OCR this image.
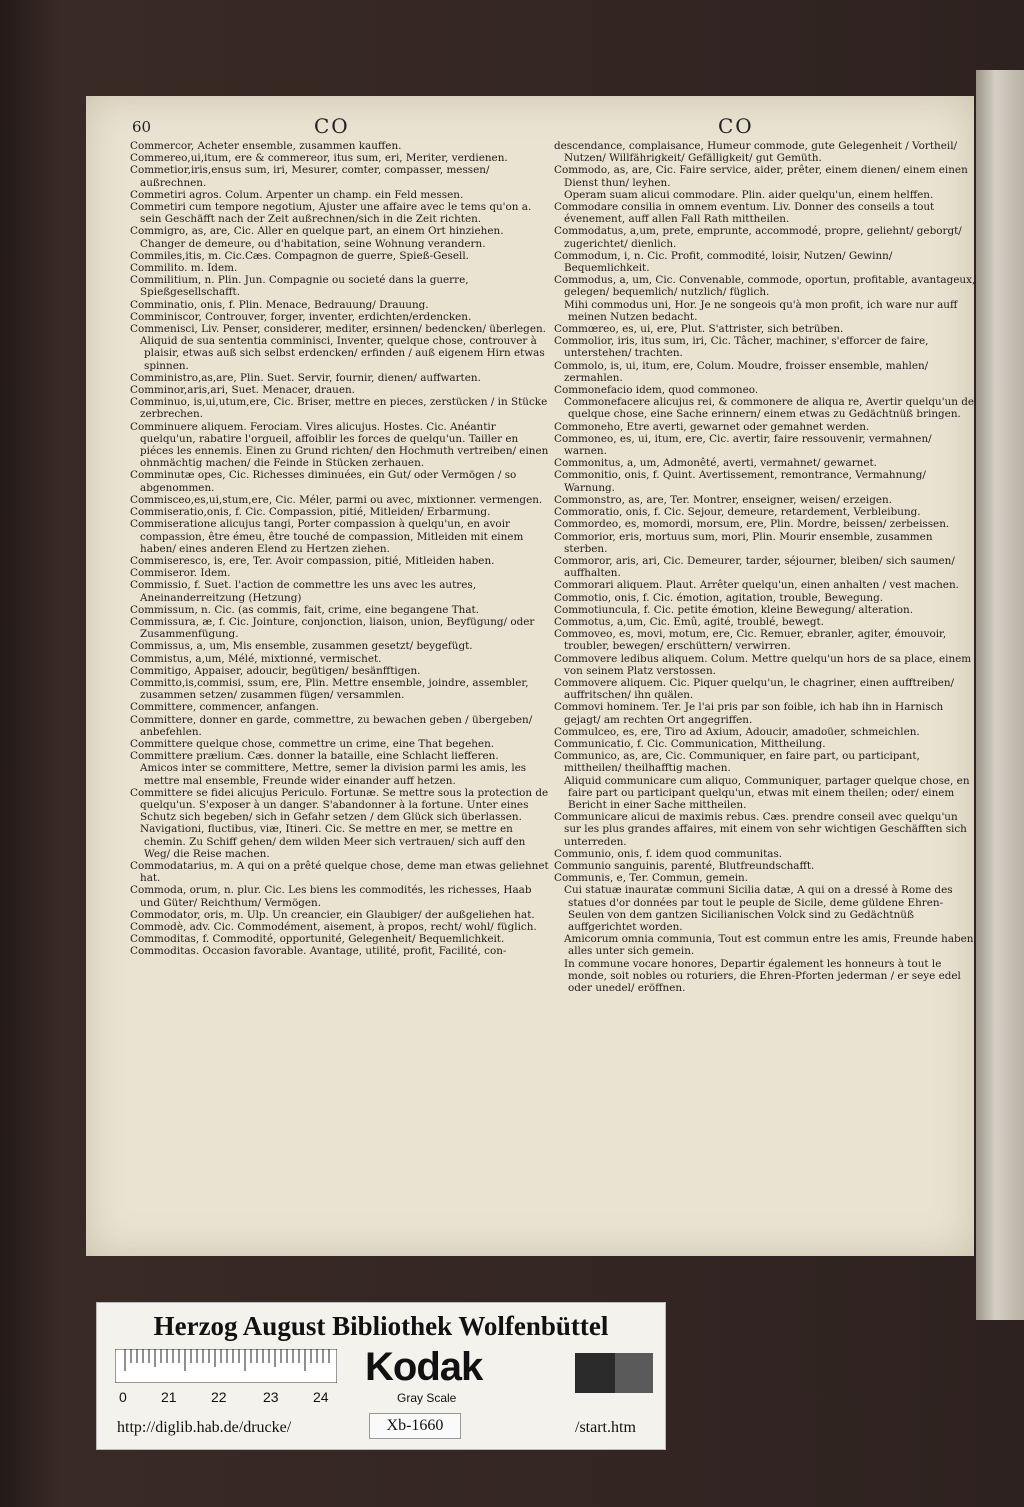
60	CO	CO

Commercor, Acheter ensemble, zusammen kauffen.

Commereo,ui,itum, ere & commereor, itus sum, eri, Meriter, verdienen.

Commetior,iris,ensus sum, iri, Mesurer, comter, compasser, messen/ außrechnen.

Commetiri agros. Colum. Arpenter un champ. ein Feld messen.

Commetiri cum tempore negotium, Ajuster une affaire avec le tems qu'on a. sein Geschäfft nach der Zeit außrechnen/sich in die Zeit richten.

Commigro, as, are, Cic. Aller en quelque part, an einem Ort hinziehen. Changer de demeure, ou d'habitation, seine Wohnung verandern.

Commiles,itis, m. Cic.Cæs. Compagnon de guerre, Spieß-Gesell.

Commilito. m. Idem.

Commilitium, n. Plin. Jun. Compagnie ou societé dans la guerre, Spießgesellschafft.

Comminatio, onis, f. Plin. Menace, Bedrauung/ Drauung.

Comminiscor, Controuver, forger, inventer, erdichten/erdencken.

Commenisci, Liv. Penser, considerer, mediter, ersinnen/ bedencken/ überlegen.

Aliquid de sua sententia comminisci, Inventer, quelque chose, controuver à plaisir, etwas auß sich selbst erdencken/ erfinden / auß eigenem Hirn etwas spinnen.

Comministro,as,are, Plin. Suet. Servir, fournir, dienen/ auffwarten.

Comminor,aris,ari, Suet. Menacer, drauen.

Comminuo, is,ui,utum,ere, Cic. Briser, mettre en pieces, zerstücken / in Stücke zerbrechen.

Comminuere aliquem. Ferociam. Vires alicujus. Hostes. Cic. Anéantir quelqu'un, rabatire l'orgueil, affoiblir les forces de quelqu'un. Tailler en piéces les ennemis. Einen zu Grund richten/ den Hochmuth vertreiben/ einen ohnmächtig machen/ die Feinde in Stücken zerhauen.

Comminutæ opes, Cic. Richesses diminuées, ein Gut/ oder Vermögen / so abgenommen.

Commisceo,es,ui,stum,ere, Cic. Méler, parmi ou avec, mixtionner. vermengen.

Commiseratio,onis, f. Cic. Compassion, pitié, Mitleiden/ Erbarmung.

Commiseratione alicujus tangi, Porter compassion à quelqu'un, en avoir compassion, être émeu, être touché de compassion, Mitleiden mit einem haben/ eines anderen Elend zu Hertzen ziehen.

Commiseresco, is, ere, Ter. Avoir compassion, pitié, Mitleiden haben.

Commiseror. Idem.

Commissio, f. Suet. l'action de commettre les uns avec les autres, Aneinanderreitzung (Hetzung)

Commissum, n. Cic. (as commis, fait, crime, eine begangene That.

Commissura, æ, f. Cic. Jointure, conjonction, liaison, union, Beyfügung/ oder Zusammenfügung.

Commissus, a, um, Mis ensemble, zusammen gesetzt/ beygefügt.

Commistus, a,um, Mélé, mixtionné, vermischet.

Commitigo, Appaiser, adoucir, begütigen/ besänfftigen.

Committo,is,commisi, ssum, ere, Plin. Mettre ensemble, joindre, assembler, zusammen setzen/ zusammen fügen/ versammlen.

Committere, commencer, anfangen.

Committere, donner en garde, commettre, zu bewachen geben / übergeben/ anbefehlen.

Committere quelque chose, commettre un crime, eine That begehen.

Committere prælium. Cæs. donner la bataille, eine Schlacht liefferen.

Amicos inter se committere, Mettre, semer la division parmi les amis, les mettre mal ensemble, Freunde wider einander auff hetzen.

Committere se fidei alicujus Periculo. Fortunæ. Se mettre sous la protection de quelqu'un. S'exposer à un danger. S'abandonner à la fortune. Unter eines Schutz sich begeben/ sich in Gefahr setzen / dem Glück sich überlassen.

Navigationi, fluctibus, viæ, Itineri. Cic. Se mettre en mer, se mettre en chemin. Zu Schiff gehen/ dem wilden Meer sich vertrauen/ sich auff den Weg/ die Reise machen.

Commodatarius, m. A qui on a prêté quelque chose, deme man etwas geliehnet hat.

Commoda, orum, n. plur. Cic. Les biens les commodités, les richesses, Haab und Güter/ Reichthum/ Vermögen.

Commodator, oris, m. Ulp. Un creancier, ein Glaubiger/ der außgeliehen hat.

Commodè, adv. Cic. Commodément, aisement, à propos, recht/ wohl/ füglich.

Commoditas, f. Commodité, opportunité, Gelegenheit/ Bequemlichkeit.

Commoditas. Occasion favorable. Avantage, utilité, profit, Facilité, con-

descendance, complaisance, Humeur commode, gute Gelegenheit / Vortheil/ Nutzen/ Willfährigkeit/ Gefälligkeit/ gut Gemüth.

Commodo, as, are, Cic. Faire service, aider, prêter, einem dienen/ einem einen Dienst thun/ leyhen.

Operam suam alicui commodare. Plin. aider quelqu'un, einem helffen.

Commodare consilia in omnem eventum. Liv. Donner des conseils a tout évenement, auff allen Fall Rath mittheilen.

Commodatus, a,um, prete, emprunte, accommodé, propre, geliehnt/ geborgt/ zugerichtet/ dienlich.

Commodum, i, n. Cic. Profit, commodité, loisir, Nutzen/ Gewinn/ Bequemlichkeit.

Commodus, a, um, Cic. Convenable, commode, oportun, profitable, avantageux, gelegen/ bequemlich/ nutzlich/ füglich.

Mihi commodus uni, Hor. Je ne songeois qu'à mon profit, ich ware nur auff meinen Nutzen bedacht.

Commœreo, es, ui, ere, Plut. S'attrister, sich betrüben.

Commolior, iris, itus sum, iri, Cic. Tâcher, machiner, s'efforcer de faire, unterstehen/ trachten.

Commolo, is, ui, itum, ere, Colum. Moudre, froisser ensemble, mahlen/ zermahlen.

Commonefacio idem, quod commoneo.

Commonefacere alicujus rei, & commonere de aliqua re, Avertir quelqu'un de quelque chose, eine Sache erinnern/ einem etwas zu Gedächtnüß bringen.

Commoneho, Etre averti, gewarnet oder gemahnet werden.

Commoneo, es, ui, itum, ere, Cic. avertir, faire ressouvenir, vermahnen/ warnen.

Commonitus, a, um, Admonêté, averti, vermahnet/ gewarnet.

Commonitio, onis, f. Quint. Avertissement, remontrance, Vermahnung/ Warnung.

Commonstro, as, are, Ter. Montrer, enseigner, weisen/ erzeigen.

Commoratio, onis, f. Cic. Sejour, demeure, retardement, Verbleibung.

Commordeo, es, momordi, morsum, ere, Plin. Mordre, beissen/ zerbeissen.

Commorior, eris, mortuus sum, mori, Plin. Mourir ensemble, zusammen sterben.

Commoror, aris, ari, Cic. Demeurer, tarder, séjourner, bleiben/ sich saumen/ auffhalten.

Commorari aliquem. Plaut. Arrêter quelqu'un, einen anhalten / vest machen.

Commotio, onis, f. Cic. émotion, agitation, trouble, Bewegung.

Commotiuncula, f. Cic. petite émotion, kleine Bewegung/ alteration.

Commotus, a,um, Cic. Emû, agité, troublé, bewegt.

Commoveo, es, movi, motum, ere, Cic. Remuer, ebranler, agiter, émouvoir, troubler, bewegen/ erschüttern/ verwirren.

Commovere ledibus aliquem. Colum. Mettre quelqu'un hors de sa place, einem von seinem Platz verstossen.

Commovere aliquem. Cic. Piquer quelqu'un, le chagriner, einen aufftreiben/ auffritschen/ ihn quälen.

Commovi hominem. Ter. Je l'ai pris par son foible, ich hab ihn in Harnisch gejagt/ am rechten Ort angegriffen.

Commulceo, es, ere, Tiro ad Axium, Adoucir, amadoüer, schmeichlen.

Communicatio, f. Cic. Communication, Mittheilung.

Communico, as, are, Cic. Communiquer, en faire part, ou participant, mittheilen/ theilhafftig machen.

Aliquid communicare cum aliquo, Communiquer, partager quelque chose, en faire part ou participant quelqu'un, etwas mit einem theilen; oder/ einem Bericht in einer Sache mittheilen.

Communicare alicui de maximis rebus. Cæs. prendre conseil avec quelqu'un sur les plus grandes affaires, mit einem von sehr wichtigen Geschäfften sich unterreden.

Communio, onis, f. idem quod communitas.

Communio sanguinis, parenté, Blutfreundschafft.

Communis, e, Ter. Commun, gemein.

Cui statuæ inauratæ communi Sicilia datæ, A qui on a dressé à Rome des statues d'or données par tout le peuple de Sicile, deme güldene Ehren-Seulen von dem gantzen Sicilianischen Volck sind zu Gedächtnüß auffgerichtet worden.

Amicorum omnia communia, Tout est commun entre les amis, Freunde haben alles unter sich gemein.

In commune vocare honores, Departir également les honneurs à tout le monde, soit nobles ou roturiers, die Ehren-Pforten jederman / er seye edel oder unedel/ eröffnen.

Herzog August Bibliothek Wolfenbüttel
0 21 22	23 24
Kodak
Gray Scale
http://diglib.hab.de/drucke/	Xb-1660	/start.htm
